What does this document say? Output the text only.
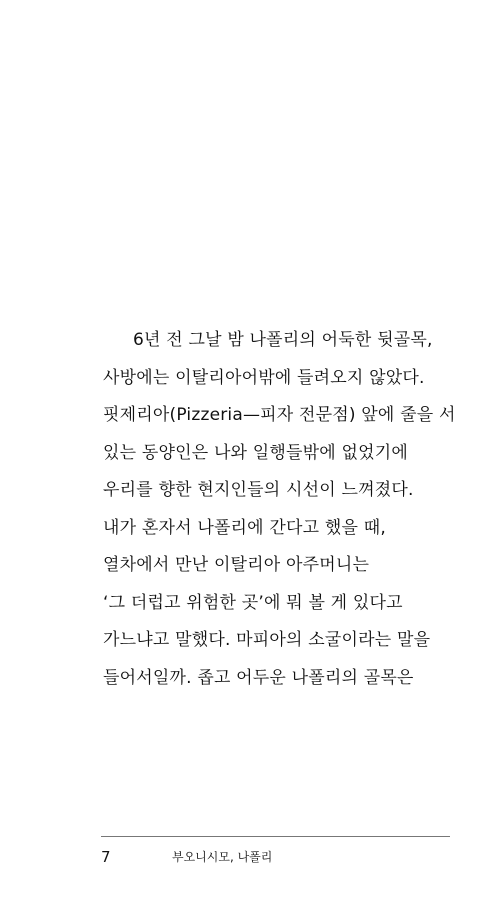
6년 전 그날 밤 나폴리의 어둑한 뒷골목,
사방에는 이탈리아어밖에 들려오지 않았다.
핏제리아(Pizzeria—피자 전문점) 앞에 줄을 서
있는 동양인은 나와 일행들밖에 없었기에
우리를 향한 현지인들의 시선이 느껴졌다.
내가 혼자서 나폴리에 간다고 했을 때,
열차에서 만난 이탈리아 아주머니는
‘그 더럽고 위험한 곳’에 뭐 볼 게 있다고
가느냐고 말했다. 마피아의 소굴이라는 말을
들어서일까. 좁고 어두운 나폴리의 골목은
7	부오니시모, 나폴리
